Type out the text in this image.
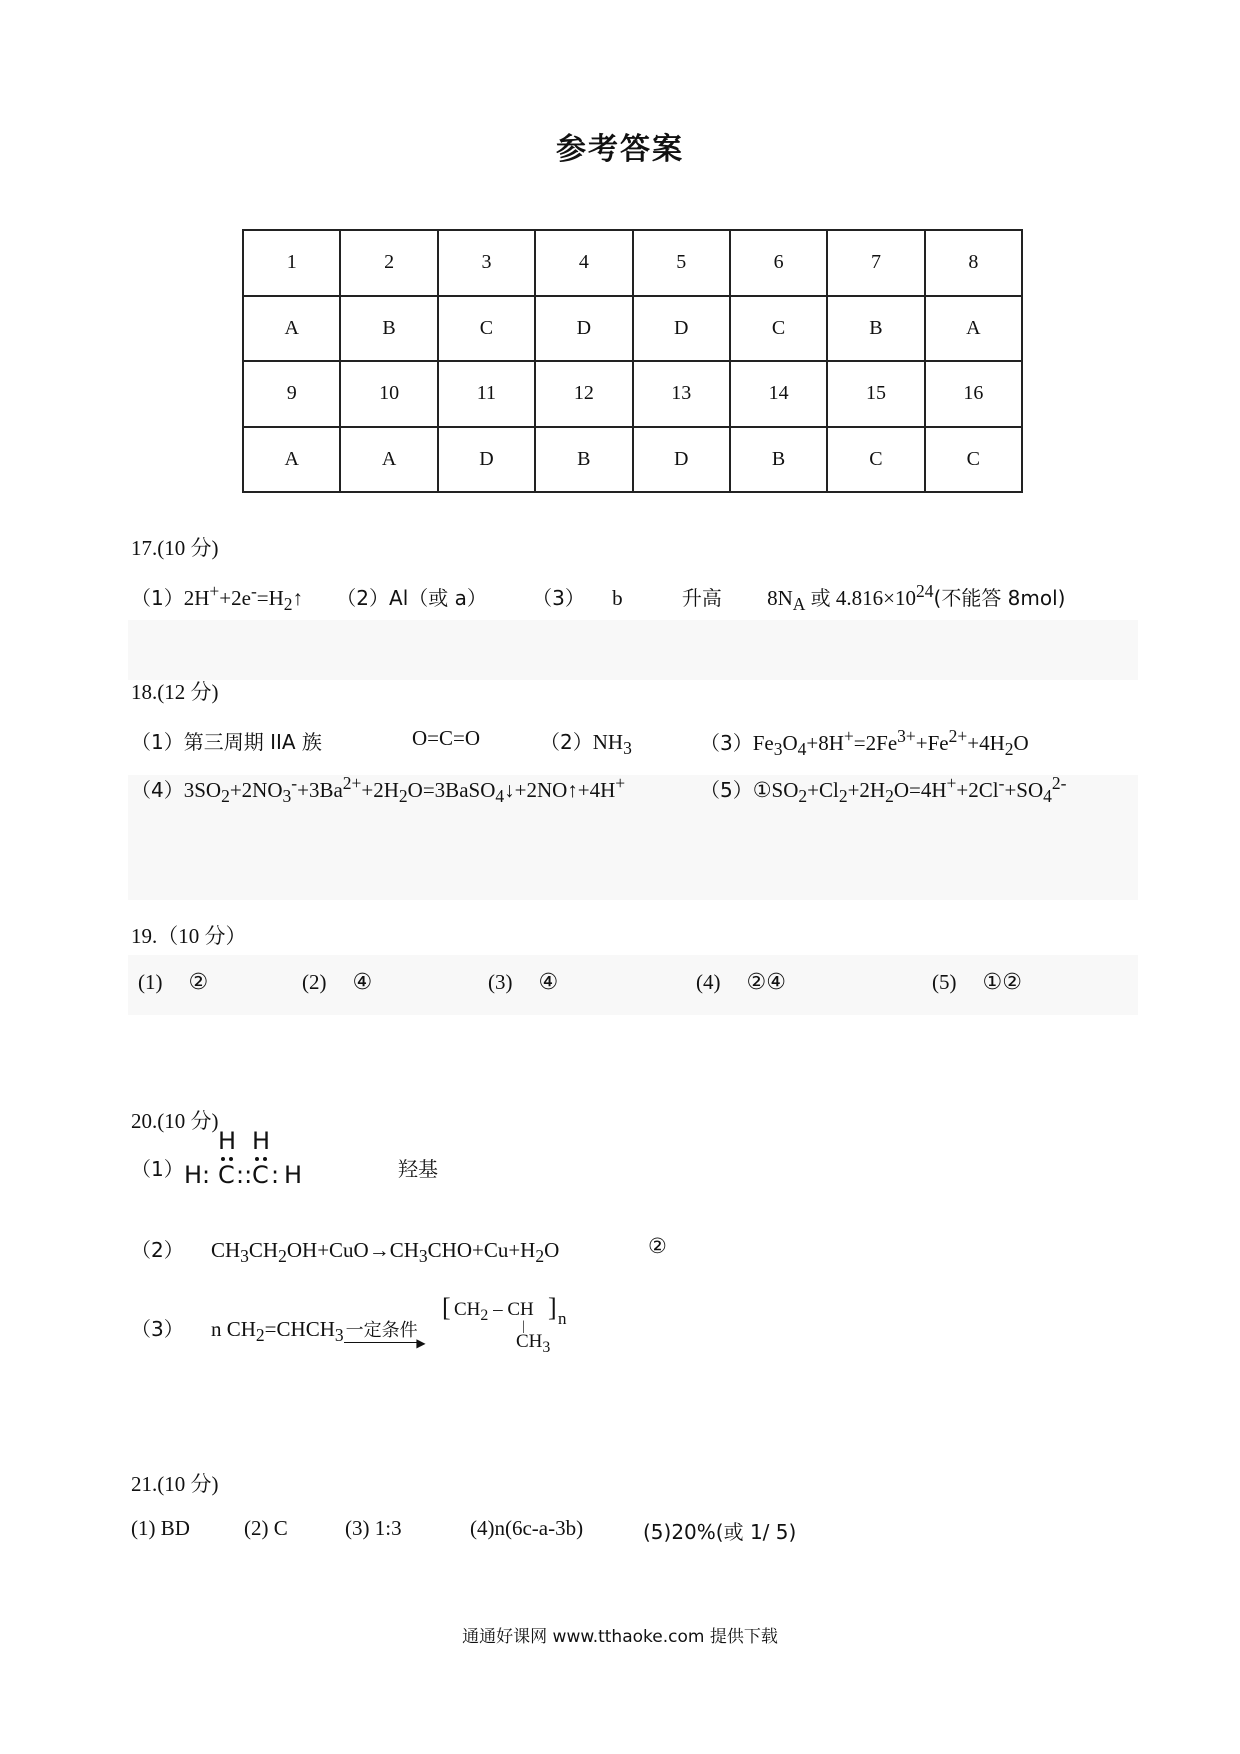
参考答案
1	2	3	4	5	6	7	8
A	B	C	D	D	C	B	A
9	10	11	12	13	14	15	16
A	A	D	B	D	B	C	C
17.(10 分)
$(1)2H^++2e^-=H_2↑$ （2）Al（或 a） （3） b	升高 $8N_A$ 或 $4.816\times 10^{24}$(不能答 8mol)
18.(12 分)
（1）第三周期 IIA 族	O=C=O	$(2)NH_3$	$(3)Fe_3O_4+8H^+=2Fe^{3+}+Fe^{2+}+4H_2O$
$(4)3SO_2+2NO_3^-+3Ba^{2+}+2H_2O=3BaSO_4↓+2NO↑+4H^+$	$(5)①SO_2+Cl_2+2H_2O=4H^++2Cl^-+SO_4^{2-}$
19.（10 分）
(1) ②	(2) ④	(3) ④	(4) ②④	(5) ①②
20.(10 分)
（1）
H H
H: C :: C : H	羟基
（2） $CH_3CH_2OH+CuO\to CH_3CHO+Cu+H_2O$	②
（3） n $CH_2=CHCH_3$ 一定条件
▶
[ $CH_2$ – CH ] n
|
$CH_3$
21.(10 分)
(1) BD	(2) C	(3) 1:3	(4)n(6c-a-3b)	(5)20%(或 1/ 5)
通通好课网 www.tthaoke.com 提供下载
